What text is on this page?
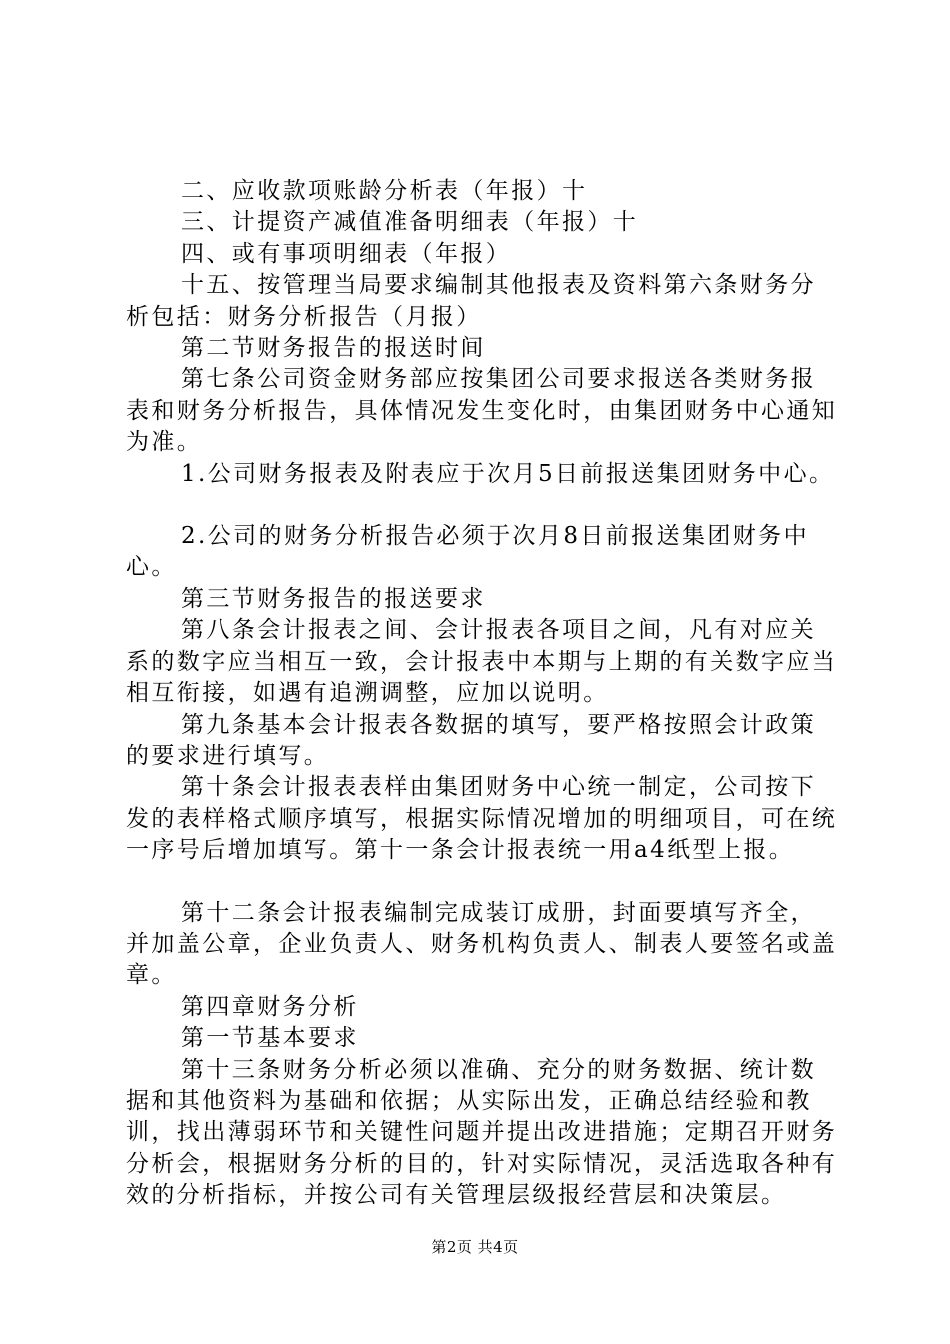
二、应收款项账龄分析表（年报）十

三、计提资产减值准备明细表（年报）十

四、或有事项明细表（年报）

十五、按管理当局要求编制其他报表及资料第六条财务分析包括：财务分析报告（月报）

第二节财务报告的报送时间

第七条公司资金财务部应按集团公司要求报送各类财务报表和财务分析报告，具体情况发生变化时，由集团财务中心通知为准。

1.公司财务报表及附表应于次月5日前报送集团财务中心。

2.公司的财务分析报告必须于次月8日前报送集团财务中心。

第三节财务报告的报送要求

第八条会计报表之间、会计报表各项目之间，凡有对应关系的数字应当相互一致，会计报表中本期与上期的有关数字应当相互衔接，如遇有追溯调整，应加以说明。

第九条基本会计报表各数据的填写，要严格按照会计政策的要求进行填写。

第十条会计报表表样由集团财务中心统一制定，公司按下发的表样格式顺序填写，根据实际情况增加的明细项目，可在统一序号后增加填写。第十一条会计报表统一用a4纸型上报。

第十二条会计报表编制完成装订成册，封面要填写齐全，并加盖公章，企业负责人、财务机构负责人、制表人要签名或盖章。

第四章财务分析

第一节基本要求

第十三条财务分析必须以准确、充分的财务数据、统计数据和其他资料为基础和依据；从实际出发，正确总结经验和教训，找出薄弱环节和关键性问题并提出改进措施；定期召开财务分析会，根据财务分析的目的，针对实际情况，灵活选取各种有效的分析指标，并按公司有关管理层级报经营层和决策层。

第2页 共4页
